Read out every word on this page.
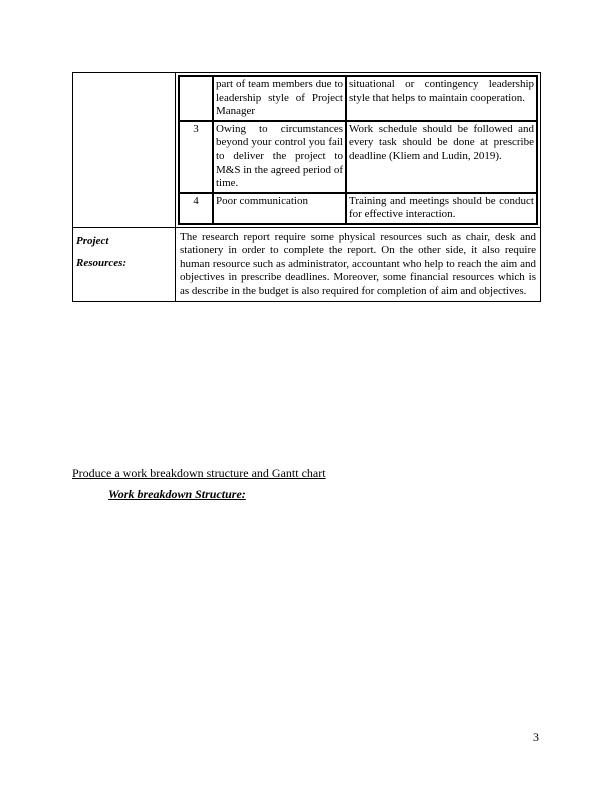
	part of team members due to leadership style of Project Manager	situational or contingency leadership style that helps to maintain cooperation.
3	Owing to circumstances beyond your control you fail to deliver the project to M&S in the agreed period of time.	Work schedule should be followed and every task should be done at prescribe deadline (Kliem and Ludin, 2019).
4	Poor communication	Training and meetings should be conduct for effective interaction.

Project
Resources:

The research report require some physical resources such as chair, desk and stationery in order to complete the report. On the other side, it also require human resource such as administrator, accountant who help to reach the aim and objectives in prescribe deadlines. Moreover, some financial resources which is as describe in the budget is also required for completion of aim and objectives.
Produce a work breakdown structure and Gantt chart
Work breakdown Structure:
3
